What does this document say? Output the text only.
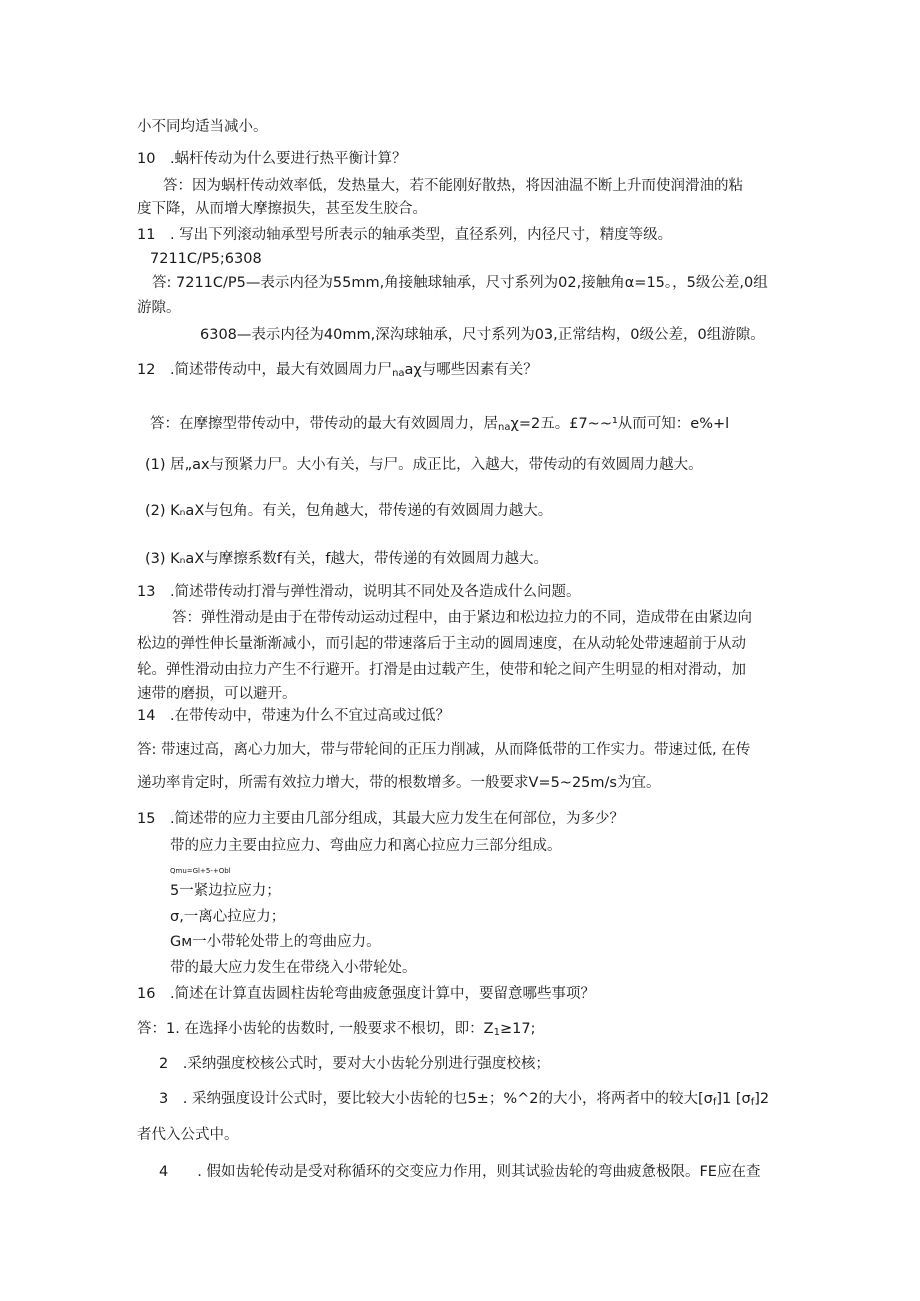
小不同均适当减小。
10　.蜗杆传动为什么要进行热平衡计算？
答：因为蜗杆传动效率低，发热量大，若不能刚好散热，将因油温不断上升而使润滑油的粘
度下降，从而增大摩擦损失，甚至发生胶合。
11　. 写出下列滚动轴承型号所表示的轴承类型，直径系列，内径尺寸，精度等级。
7211C/P5;6308
答: 7211C/P5—表示内径为55mm,角接触球轴承，尺寸系列为02,接触角α=15。，5级公差,0组
游隙。
6308—表示内径为40mm,深沟球轴承，尺寸系列为03,正常结构，0级公差，0组游隙。
12　.简述带传动中，最大有效圆周力尸$_{na}$aχ与哪些因素有关？
答：在摩擦型带传动中，带传动的最大有效圆周力，居$_{na}$χ=2五。£7~~¹从而可知：e%+l
(1) 居„ax与预紧力尸。大小有关，与尸。成正比，入越大，带传动的有效圆周力越大。
(2) KₙaX与包角。有关，包角越大，带传递的有效圆周力越大。
(3) KₙaX与摩擦系数f有关，f越大，带传递的有效圆周力越大。
13　.简述带传动打滑与弹性滑动，说明其不同处及各造成什么问题。
答：弹性滑动是由于在带传动运动过程中，由于紧边和松边拉力的不同，造成带在由紧边向
松边的弹性伸长量渐渐减小，而引起的带速落后于主动的圆周速度，在从动轮处带速超前于从动
轮。弹性滑动由拉力产生不行避开。打滑是由过载产生，使带和轮之间产生明显的相对滑动，加
速带的磨损，可以避开。
14　.在带传动中，带速为什么不宜过高或过低？
答: 带速过高，离心力加大，带与带轮间的正压力削减，从而降低带的工作实力。带速过低, 在传
递功率肯定时，所需有效拉力增大，带的根数增多。一般要求V=5~25m/s为宜。
15　.简述带的应力主要由几部分组成，其最大应力发生在何部位，为多少？
带的应力主要由拉应力、弯曲应力和离心拉应力三部分组成。
Qmu=Gl+5-+Obl
5一紧边拉应力；
σ,一离心拉应力；
Gм一小带轮处带上的弯曲应力。
带的最大应力发生在带绕入小带轮处。
16　.简述在计算直齿圆柱齿轮弯曲疲惫强度计算中，要留意哪些事项？
答：1. 在选择小齿轮的齿数时, 一般要求不根切，即：$Z_1\ge 17$;
2　.采纳强度校核公式时，要对大小齿轮分别进行强度校核；
3　. 采纳强度设计公式时，要比较大小齿轮的乜5±；%^2的大小，将两者中的较大$[\sigma_f]1$ $[\sigma_f]2$
者代入公式中。
4　　. 假如齿轮传动是受对称循环的交变应力作用，则其试验齿轮的弯曲疲惫极限。FE应在查
